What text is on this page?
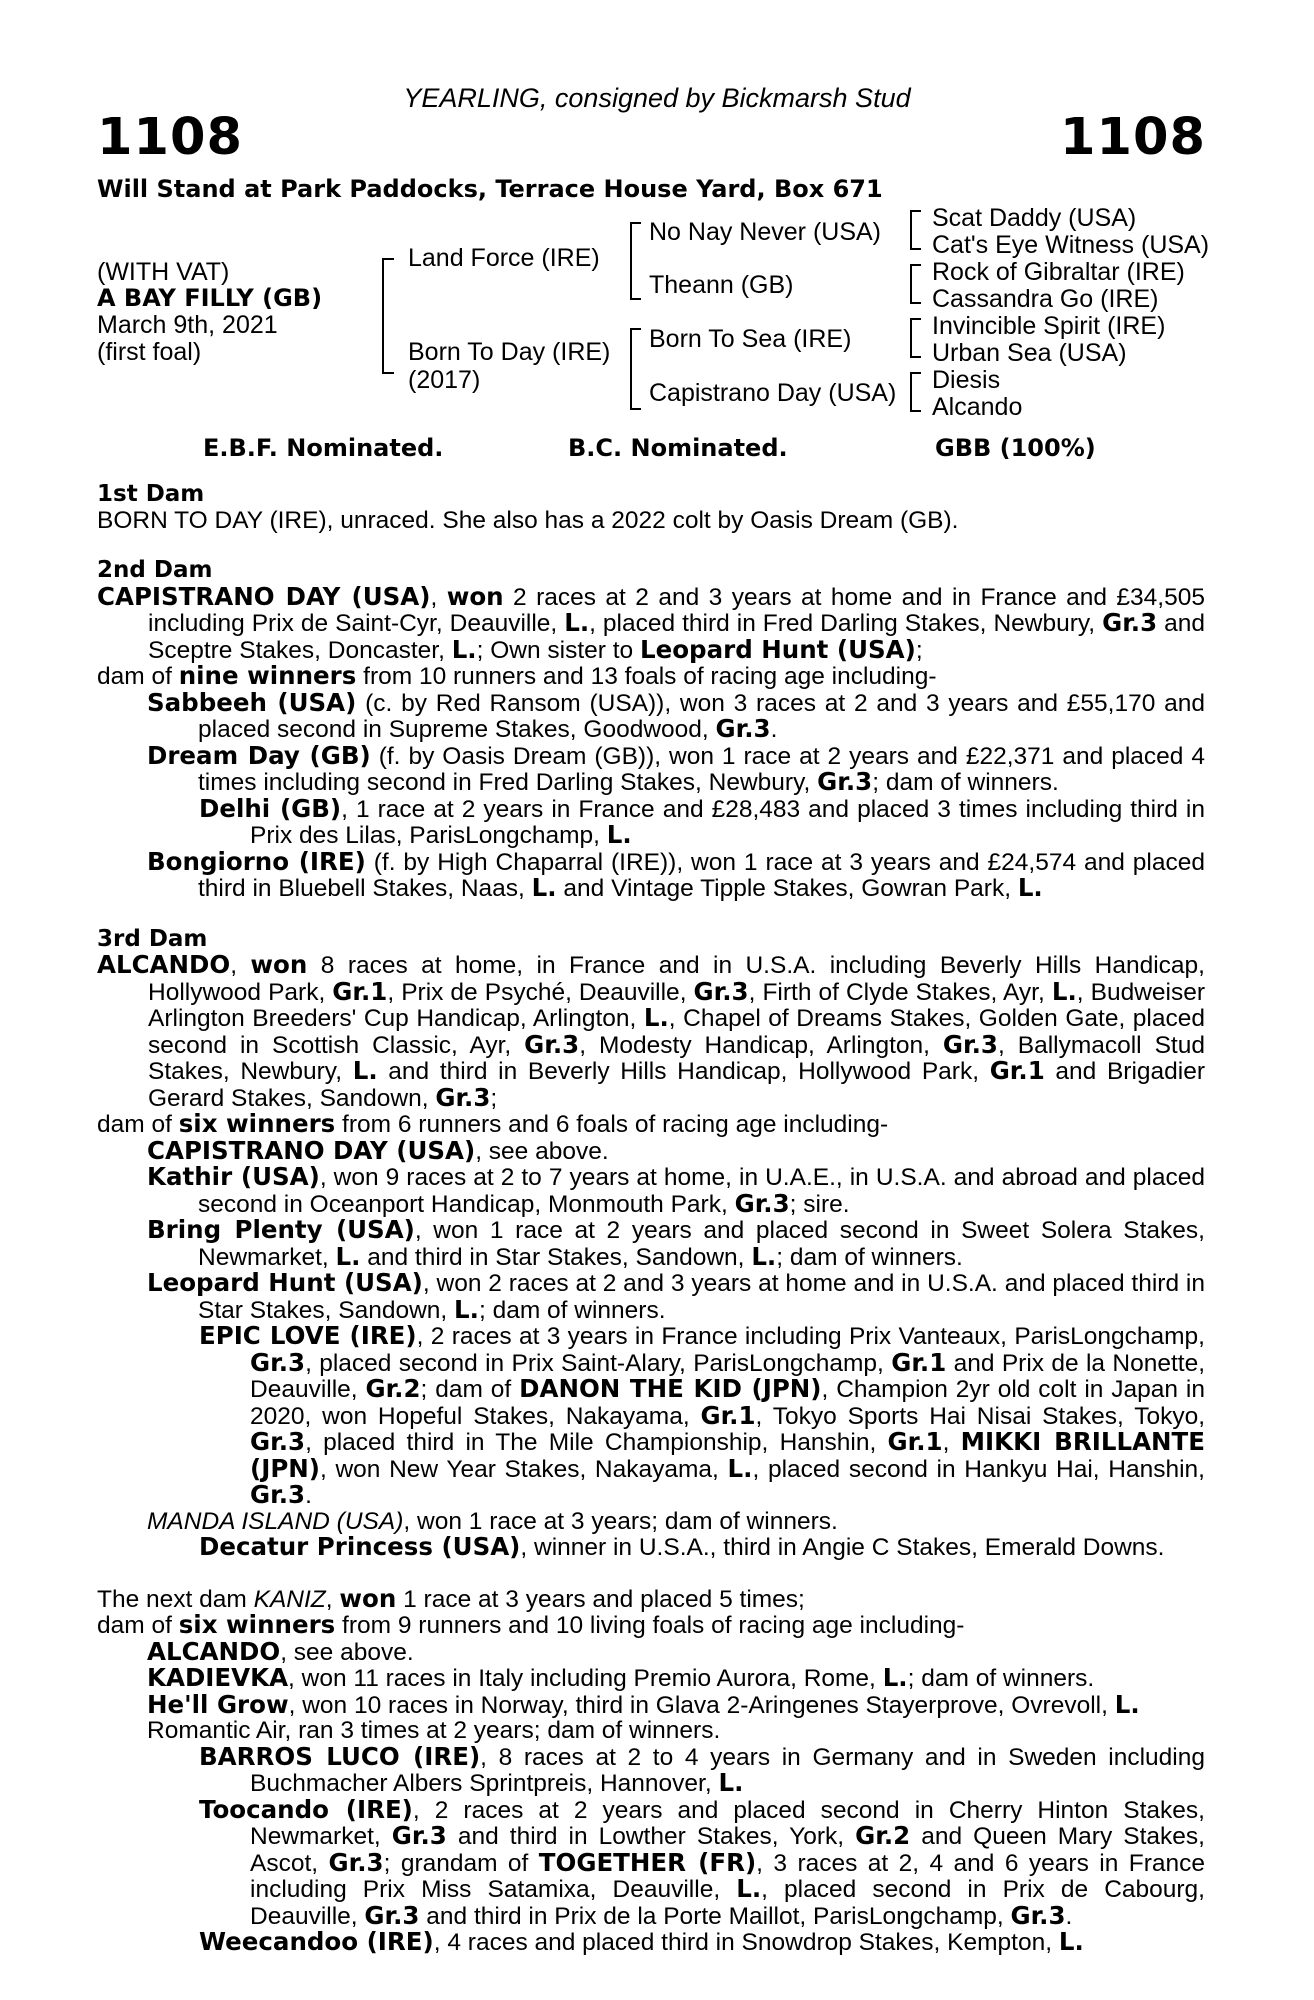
YEARLING, consigned by Bickmarsh Stud
1108	1108
Will Stand at Park Paddocks, Terrace House Yard, Box 671
(WITH VAT)
A BAY FILLY (GB)
March 9th, 2021
(first foal)
Land Force (IRE)
Born To Day (IRE)
(2017)
No Nay Never (USA)
Theann (GB)
Born To Sea (IRE)
Capistrano Day (USA)
Scat Daddy (USA)
Cat's Eye Witness (USA)
Rock of Gibraltar (IRE)
Cassandra Go (IRE)
Invincible Spirit (IRE)
Urban Sea (USA)
Diesis
Alcando
E.B.F. Nominated.	B.C. Nominated.	GBB (100%)

1st Dam

BORN TO DAY (IRE), unraced. She also has a 2022 colt by Oasis Dream (GB).

2nd Dam

CAPISTRANO DAY (USA), won 2 races at 2 and 3 years at home and in France and £34,505 including Prix de Saint-Cyr, Deauville, L., placed third in Fred Darling Stakes, Newbury, Gr.3 and Sceptre Stakes, Doncaster, L.; Own sister to Leopard Hunt (USA);

dam of nine winners from 10 runners and 13 foals of racing age including-

Sabbeeh (USA) (c. by Red Ransom (USA)), won 3 races at 2 and 3 years and £55,170 and placed second in Supreme Stakes, Goodwood, Gr.3.

Dream Day (GB) (f. by Oasis Dream (GB)), won 1 race at 2 years and £22,371 and placed 4 times including second in Fred Darling Stakes, Newbury, Gr.3; dam of winners.

Delhi (GB), 1 race at 2 years in France and £28,483 and placed 3 times including third in Prix des Lilas, ParisLongchamp, L.

Bongiorno (IRE) (f. by High Chaparral (IRE)), won 1 race at 3 years and £24,574 and placed third in Bluebell Stakes, Naas, L. and Vintage Tipple Stakes, Gowran Park, L.

3rd Dam

ALCANDO, won 8 races at home, in France and in U.S.A. including Beverly Hills Handicap, Hollywood Park, Gr.1, Prix de Psyché, Deauville, Gr.3, Firth of Clyde Stakes, Ayr, L., Budweiser Arlington Breeders' Cup Handicap, Arlington, L., Chapel of Dreams Stakes, Golden Gate, placed second in Scottish Classic, Ayr, Gr.3, Modesty Handicap, Arlington, Gr.3, Ballymacoll Stud Stakes, Newbury, L. and third in Beverly Hills Handicap, Hollywood Park, Gr.1 and Brigadier Gerard Stakes, Sandown, Gr.3;

dam of six winners from 6 runners and 6 foals of racing age including-

CAPISTRANO DAY (USA), see above.

Kathir (USA), won 9 races at 2 to 7 years at home, in U.A.E., in U.S.A. and abroad and placed second in Oceanport Handicap, Monmouth Park, Gr.3; sire.

Bring Plenty (USA), won 1 race at 2 years and placed second in Sweet Solera Stakes, Newmarket, L. and third in Star Stakes, Sandown, L.; dam of winners.

Leopard Hunt (USA), won 2 races at 2 and 3 years at home and in U.S.A. and placed third in Star Stakes, Sandown, L.; dam of winners.

EPIC LOVE (IRE), 2 races at 3 years in France including Prix Vanteaux, ParisLongchamp, Gr.3, placed second in Prix Saint-Alary, ParisLongchamp, Gr.1 and Prix de la Nonette, Deauville, Gr.2; dam of DANON THE KID (JPN), Champion 2yr old colt in Japan in 2020, won Hopeful Stakes, Nakayama, Gr.1, Tokyo Sports Hai Nisai Stakes, Tokyo, Gr.3, placed third in The Mile Championship, Hanshin, Gr.1, MIKKI BRILLANTE (JPN), won New Year Stakes, Nakayama, L., placed second in Hankyu Hai, Hanshin, Gr.3.

MANDA ISLAND (USA), won 1 race at 3 years; dam of winners.

Decatur Princess (USA), winner in U.S.A., third in Angie C Stakes, Emerald Downs.

The next dam KANIZ, won 1 race at 3 years and placed 5 times;

dam of six winners from 9 runners and 10 living foals of racing age including-

ALCANDO, see above.

KADIEVKA, won 11 races in Italy including Premio Aurora, Rome, L.; dam of winners.

He'll Grow, won 10 races in Norway, third in Glava 2-Aringenes Stayerprove, Ovrevoll, L.

Romantic Air, ran 3 times at 2 years; dam of winners.

BARROS LUCO (IRE), 8 races at 2 to 4 years in Germany and in Sweden including Buchmacher Albers Sprintpreis, Hannover, L.

Toocando (IRE), 2 races at 2 years and placed second in Cherry Hinton Stakes, Newmarket, Gr.3 and third in Lowther Stakes, York, Gr.2 and Queen Mary Stakes, Ascot, Gr.3; grandam of TOGETHER (FR), 3 races at 2, 4 and 6 years in France including Prix Miss Satamixa, Deauville, L., placed second in Prix de Cabourg, Deauville, Gr.3 and third in Prix de la Porte Maillot, ParisLongchamp, Gr.3.

Weecandoo (IRE), 4 races and placed third in Snowdrop Stakes, Kempton, L.
